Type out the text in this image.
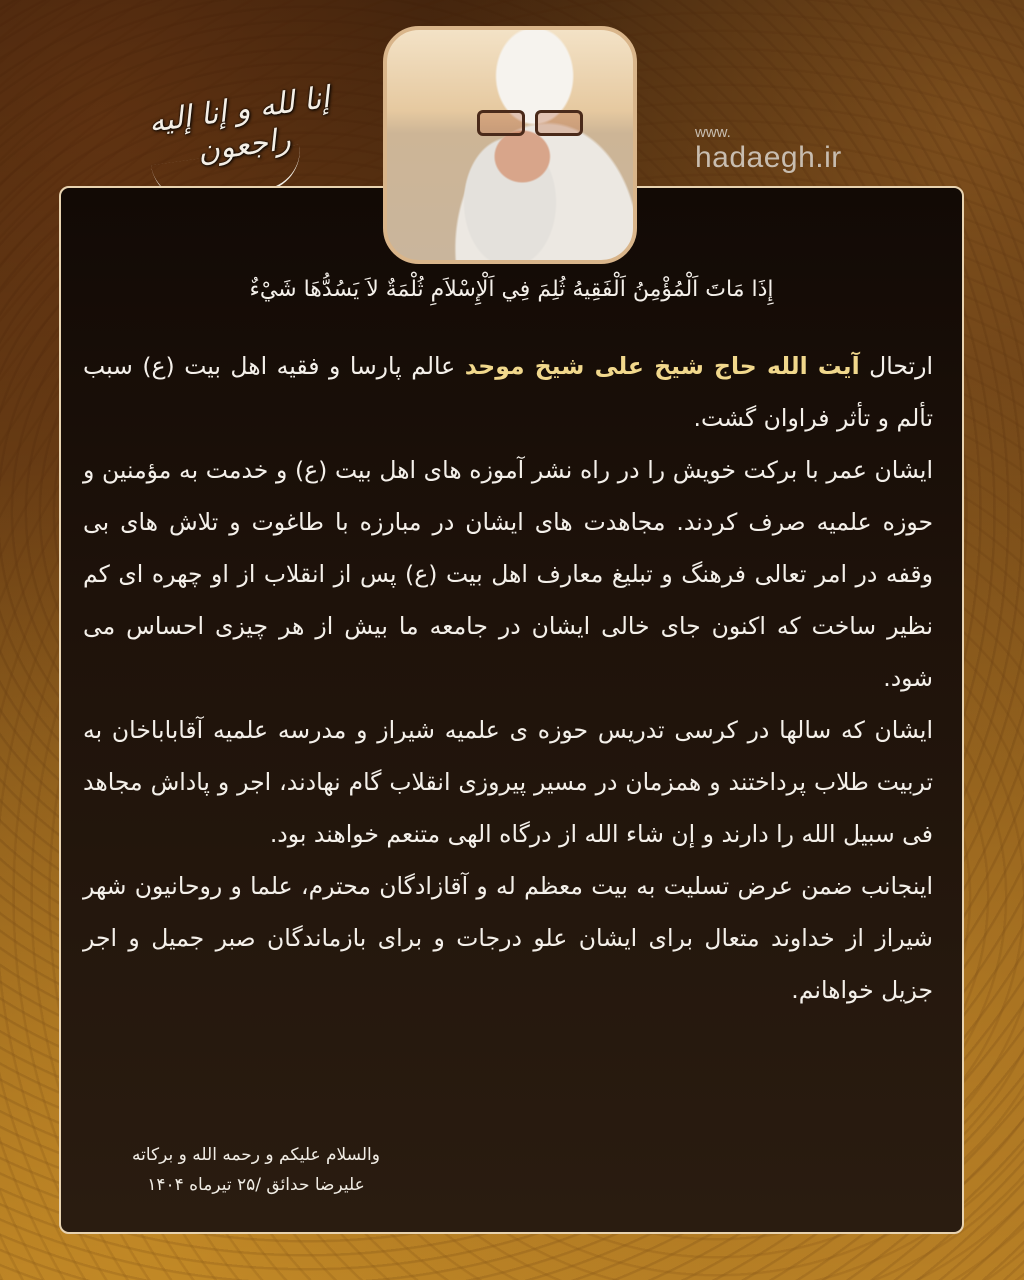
إنا لله و إنا إليه راجعون	www.
hadaegh.ir
إِذَا مَاتَ اَلْمُؤْمِنُ اَلْفَقِيهُ ثُلِمَ فِي اَلْإِسْلاَمِ ثُلْمَةٌ لاَ يَسُدُّهَا شَيْءٌ

ارتحال آیت الله حاج شیخ علی شیخ موحد عالم پارسا و فقیه اهل بیت (ع) سبب تألم و تأثر فراوان گشت.

ایشان عمر با برکت خویش را در راه نشر آموزه های اهل بیت (ع) و خدمت به مؤمنین و حوزه علمیه صرف کردند. مجاهدت های ایشان در مبارزه با طاغوت و تلاش های بی وقفه در امر تعالی فرهنگ و تبلیغ معارف اهل بیت (ع) پس از انقلاب از او چهره ای کم نظیر ساخت که اکنون جای خالی ایشان در جامعه ما بیش از هر چیزی احساس می شود.

ایشان که سالها در کرسی تدریس حوزه ی علمیه شیراز و مدرسه علمیه آقاباباخان به تربیت طلاب پرداختند و همزمان در مسیر پیروزی انقلاب گام نهادند، اجر و پاداش مجاهد فی سبیل الله را دارند و إن شاء الله از درگاه الهی متنعم خواهند بود.

اینجانب ضمن عرض تسلیت به بیت معظم له و آقازادگان محترم، علما و روحانیون شهر شیراز از خداوند متعال برای ایشان علو درجات و برای بازماندگان صبر جمیل و اجر جزیل خواهانم.

والسلام علیکم و رحمه الله و برکاته
علیرضا حدائق /۲۵ تیرماه ۱۴۰۴
